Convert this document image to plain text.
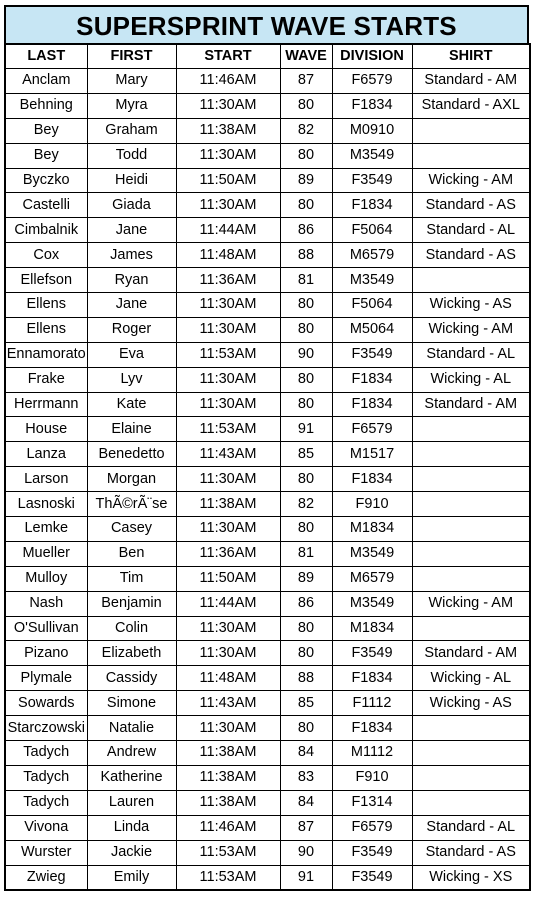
SUPERSPRINT WAVE STARTS
LAST	FIRST	START	WAVE	DIVISION	SHIRT
Anclam	Mary	11:46AM	87	F6579	Standard - AM
Behning	Myra	11:30AM	80	F1834	Standard - AXL
Bey	Graham	11:38AM	82	M0910	
Bey	Todd	11:30AM	80	M3549	
Byczko	Heidi	11:50AM	89	F3549	Wicking - AM
Castelli	Giada	11:30AM	80	F1834	Standard - AS
Cimbalnik	Jane	11:44AM	86	F5064	Standard - AL
Cox	James	11:48AM	88	M6579	Standard - AS
Ellefson	Ryan	11:36AM	81	M3549	
Ellens	Jane	11:30AM	80	F5064	Wicking - AS
Ellens	Roger	11:30AM	80	M5064	Wicking - AM
Ennamorato	Eva	11:53AM	90	F3549	Standard - AL
Frake	Lyv	11:30AM	80	F1834	Wicking - AL
Herrmann	Kate	11:30AM	80	F1834	Standard - AM
House	Elaine	11:53AM	91	F6579	
Lanza	Benedetto	11:43AM	85	M1517	
Larson	Morgan	11:30AM	80	F1834	
Lasnoski	ThÃ©rÃ¨se	11:38AM	82	F910	
Lemke	Casey	11:30AM	80	M1834	
Mueller	Ben	11:36AM	81	M3549	
Mulloy	Tim	11:50AM	89	M6579	
Nash	Benjamin	11:44AM	86	M3549	Wicking - AM
O'Sullivan	Colin	11:30AM	80	M1834	
Pizano	Elizabeth	11:30AM	80	F3549	Standard - AM
Plymale	Cassidy	11:48AM	88	F1834	Wicking - AL
Sowards	Simone	11:43AM	85	F1112	Wicking - AS
Starczowski	Natalie	11:30AM	80	F1834	
Tadych	Andrew	11:38AM	84	M1112	
Tadych	Katherine	11:38AM	83	F910	
Tadych	Lauren	11:38AM	84	F1314	
Vivona	Linda	11:46AM	87	F6579	Standard - AL
Wurster	Jackie	11:53AM	90	F3549	Standard - AS
Zwieg	Emily	11:53AM	91	F3549	Wicking - XS
